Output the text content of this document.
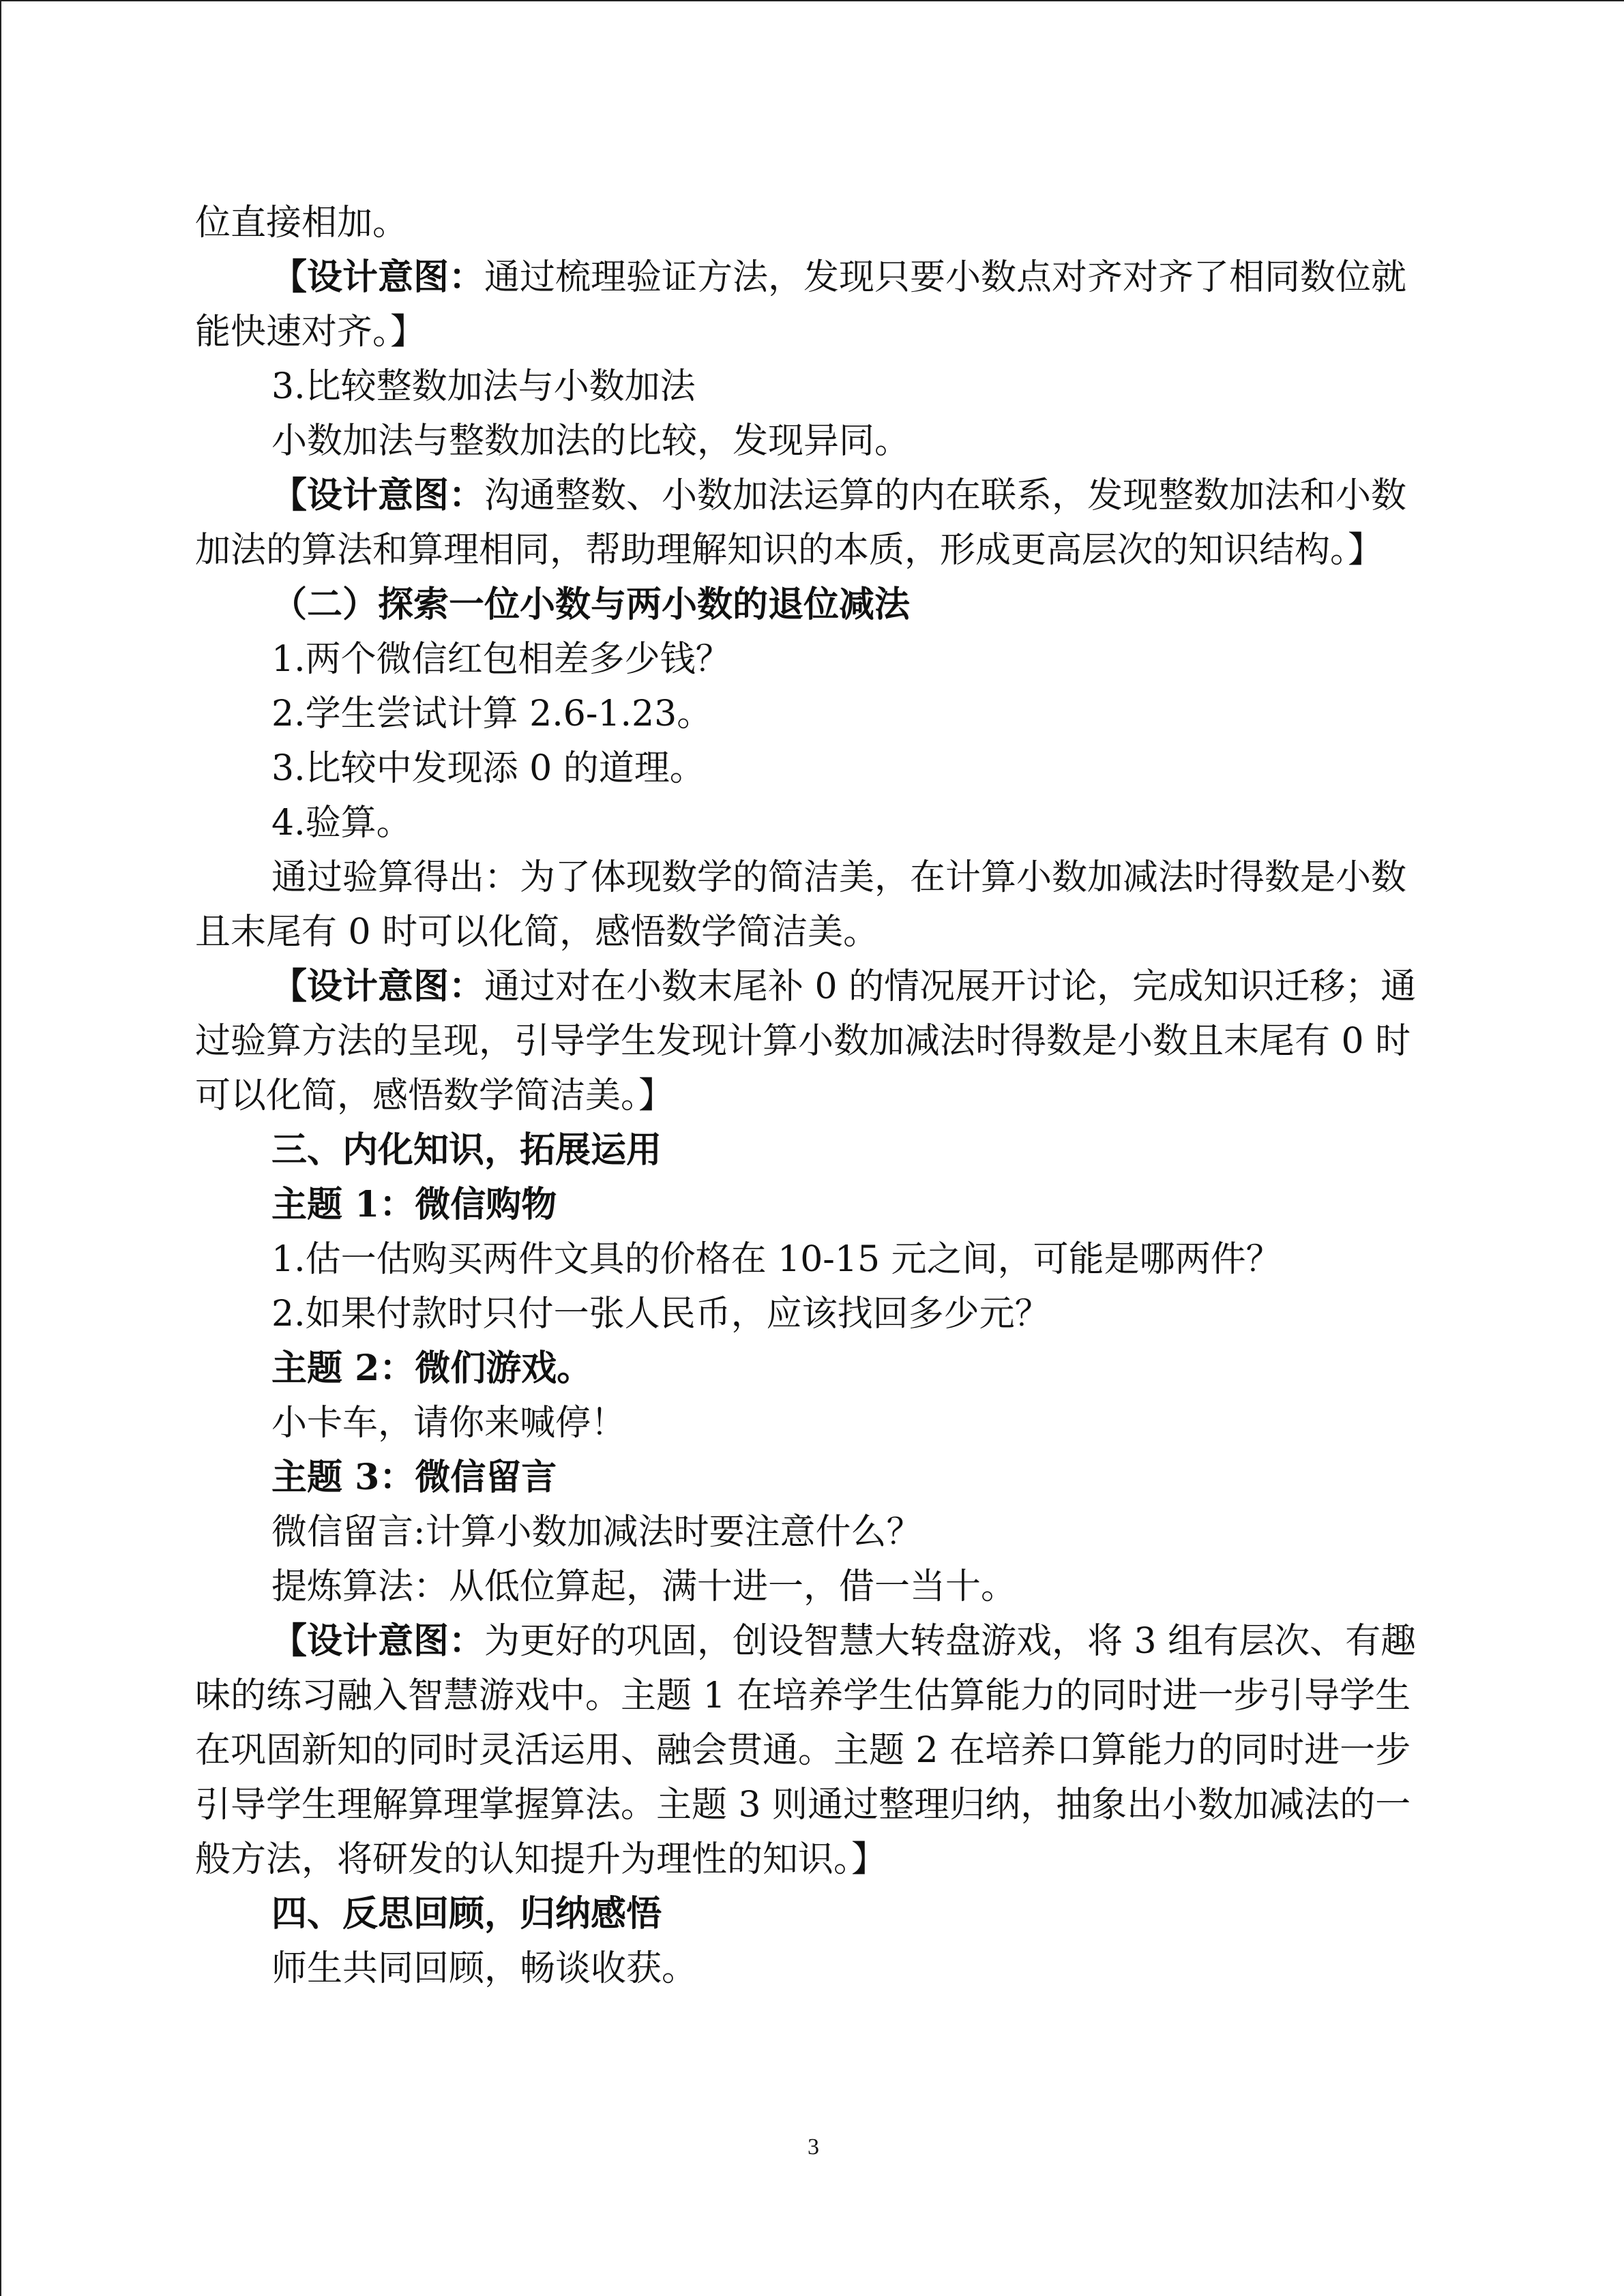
位直接相加。

【设计意图：通过梳理验证方法，发现只要小数点对齐对齐了相同数位就能快速对齐。】

3.比较整数加法与小数加法

小数加法与整数加法的比较，发现异同。

【设计意图：沟通整数、小数加法运算的内在联系，发现整数加法和小数加法的算法和算理相同，帮助理解知识的本质，形成更高层次的知识结构。】

（二）探索一位小数与两小数的退位减法

1.两个微信红包相差多少钱？

2.学生尝试计算 2.6-1.23。

3.比较中发现添 0 的道理。

4.验算。

通过验算得出：为了体现数学的简洁美，在计算小数加减法时得数是小数且末尾有 0 时可以化简，感悟数学简洁美。

【设计意图：通过对在小数末尾补 0 的情况展开讨论，完成知识迁移；通过验算方法的呈现，引导学生发现计算小数加减法时得数是小数且末尾有 0 时可以化简，感悟数学简洁美。】

三、内化知识，拓展运用

主题 1：微信购物

1.估一估购买两件文具的价格在 10-15 元之间，可能是哪两件？

2.如果付款时只付一张人民币，应该找回多少元？

主题 2：微们游戏。

小卡车，请你来喊停！

主题 3：微信留言

微信留言:计算小数加减法时要注意什么？

提炼算法：从低位算起，满十进一，借一当十。

【设计意图：为更好的巩固，创设智慧大转盘游戏，将 3 组有层次、有趣味的练习融入智慧游戏中。主题 1 在培养学生估算能力的同时进一步引导学生在巩固新知的同时灵活运用、融会贯通。主题 2 在培养口算能力的同时进一步引导学生理解算理掌握算法。主题 3 则通过整理归纳，抽象出小数加减法的一般方法，将研发的认知提升为理性的知识。】

四、反思回顾，归纳感悟

师生共同回顾，畅谈收获。

3
